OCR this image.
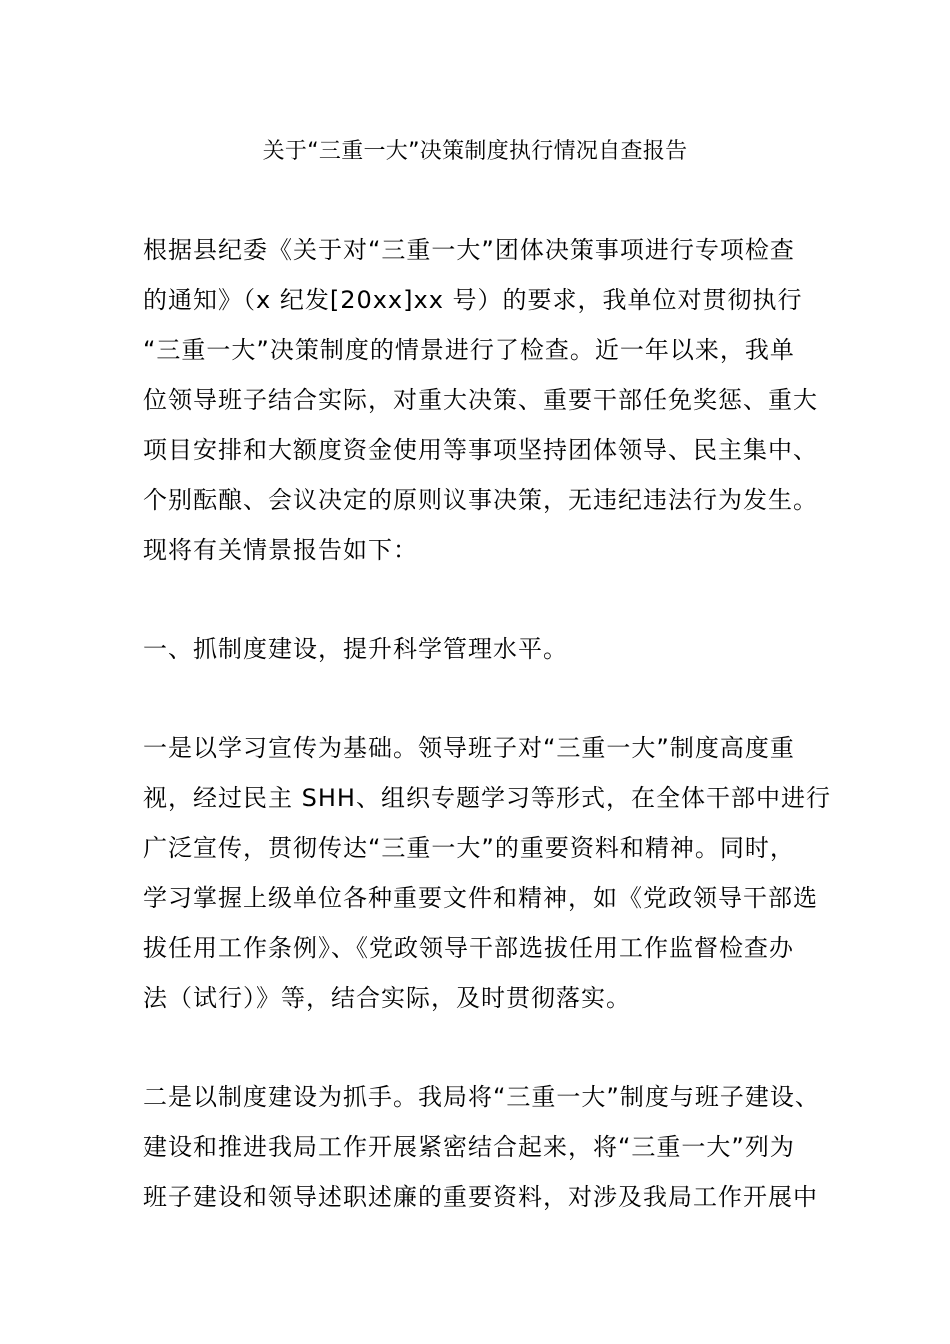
关于“三重一大”决策制度执行情况自查报告
根据县纪委《关于对“三重一大”团体决策事项进行专项检查
的通知》（x 纪发[20xx]xx 号）的要求，我单位对贯彻执行
“三重一大”决策制度的情景进行了检查。近一年以来，我单
位领导班子结合实际，对重大决策、重要干部任免奖惩、重大
项目安排和大额度资金使用等事项坚持团体领导、民主集中、
个别酝酿、会议决定的原则议事决策，无违纪违法行为发生。
现将有关情景报告如下：
一、抓制度建设，提升科学管理水平。
一是以学习宣传为基础。领导班子对“三重一大”制度高度重
视，经过民主 SHH、组织专题学习等形式，在全体干部中进行
广泛宣传，贯彻传达“三重一大”的重要资料和精神。同时，
学习掌握上级单位各种重要文件和精神，如《党政领导干部选
拔任用工作条例》、《党政领导干部选拔任用工作监督检查办
法（试行）》等，结合实际，及时贯彻落实。
二是以制度建设为抓手。我局将“三重一大”制度与班子建设、
建设和推进我局工作开展紧密结合起来，将“三重一大”列为
班子建设和领导述职述廉的重要资料，对涉及我局工作开展中
